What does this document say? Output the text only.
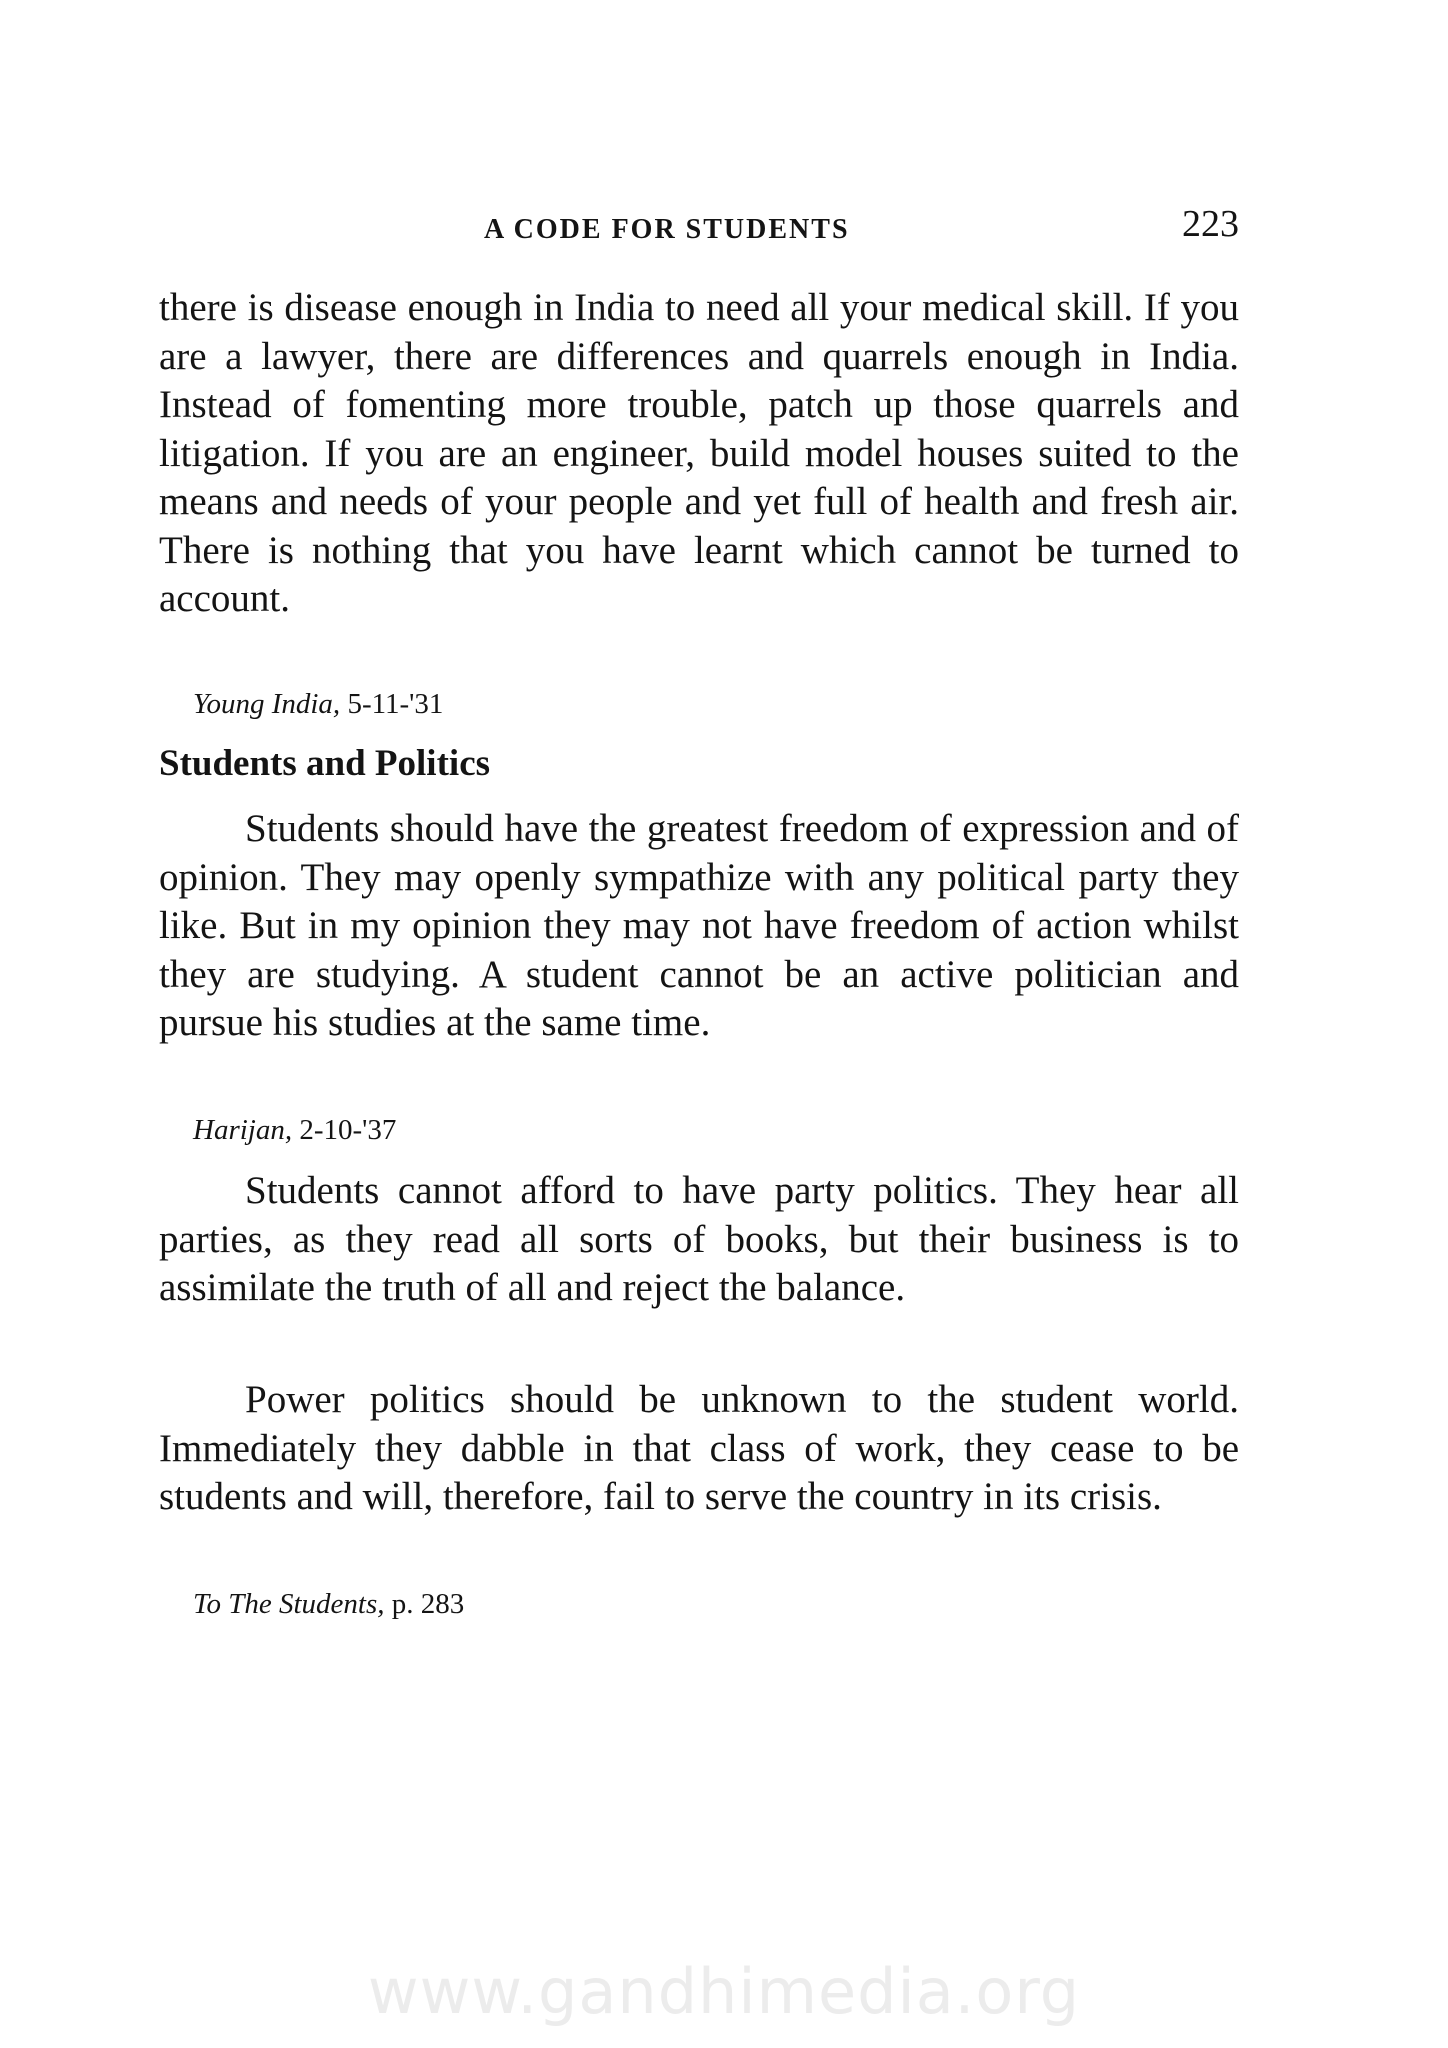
A CODE FOR STUDENTS	223

there is disease enough in India to need all your medical skill. If you are a lawyer, there are differences and quarrels enough in India. Instead of fomenting more trouble, patch up those quarrels and litigation. If you are an engineer, build model houses suited to the means and needs of your people and yet full of health and fresh air. There is nothing that you have learnt which cannot be turned to account.

Young India, 5-11-'31
Students and Politics

Students should have the greatest freedom of expression and of opinion. They may openly sympathize with any political party they like. But in my opinion they may not have freedom of action whilst they are studying. A student cannot be an active politician and pursue his studies at the same time.

Harijan, 2-10-'37

Students cannot afford to have party politics. They hear all parties, as they read all sorts of books, but their business is to assimilate the truth of all and reject the balance.

Power politics should be unknown to the student world. Immediately they dabble in that class of work, they cease to be students and will, therefore, fail to serve the country in its crisis.

To The Students, p. 283
www.gandhimedia.org
